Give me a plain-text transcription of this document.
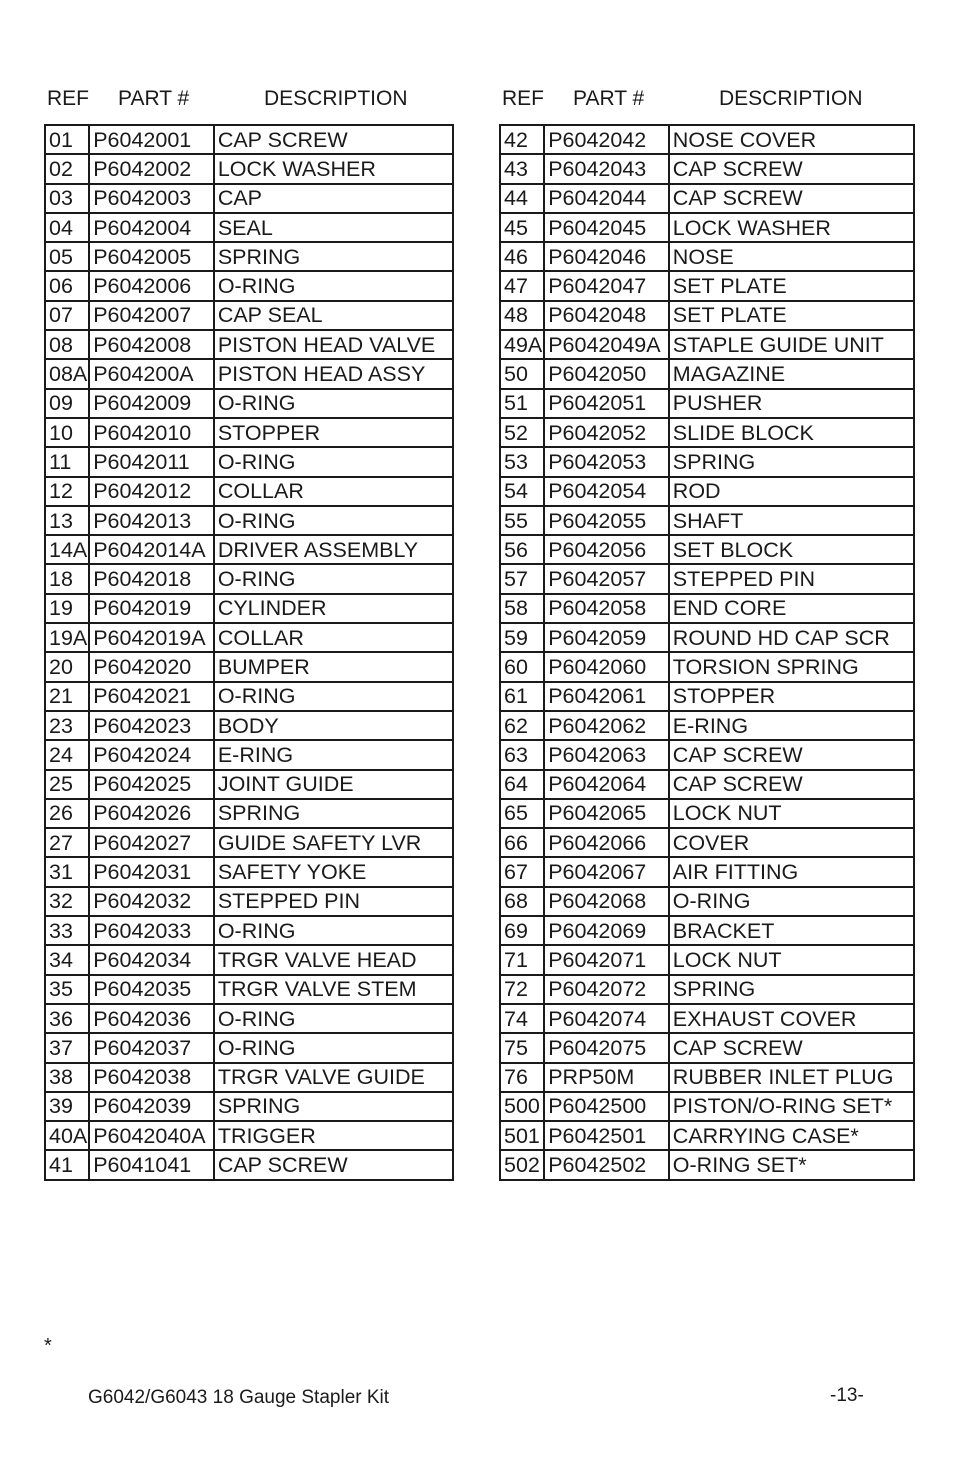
REF PART #	DESCRIPTION	REF PART #	DESCRIPTION
01	P6042001	CAP SCREW
02	P6042002	LOCK WASHER
03	P6042003	CAP
04	P6042004	SEAL
05	P6042005	SPRING
06	P6042006	O-RING
07	P6042007	CAP SEAL
08	P6042008	PISTON HEAD VALVE
08A	P604200A	PISTON HEAD ASSY
09	P6042009	O-RING
10	P6042010	STOPPER
11	P6042011	O-RING
12	P6042012	COLLAR
13	P6042013	O-RING
14A	P6042014A	DRIVER ASSEMBLY
18	P6042018	O-RING
19	P6042019	CYLINDER
19A	P6042019A	COLLAR
20	P6042020	BUMPER
21	P6042021	O-RING
23	P6042023	BODY
24	P6042024	E-RING
25	P6042025	JOINT GUIDE
26	P6042026	SPRING
27	P6042027	GUIDE SAFETY LVR
31	P6042031	SAFETY YOKE
32	P6042032	STEPPED PIN
33	P6042033	O-RING
34	P6042034	TRGR VALVE HEAD
35	P6042035	TRGR VALVE STEM
36	P6042036	O-RING
37	P6042037	O-RING
38	P6042038	TRGR VALVE GUIDE
39	P6042039	SPRING
40A	P6042040A	TRIGGER
41	P6041041	CAP SCREW
42	P6042042	NOSE COVER
43	P6042043	CAP SCREW
44	P6042044	CAP SCREW
45	P6042045	LOCK WASHER
46	P6042046	NOSE
47	P6042047	SET PLATE
48	P6042048	SET PLATE
49A	P6042049A	STAPLE GUIDE UNIT
50	P6042050	MAGAZINE
51	P6042051	PUSHER
52	P6042052	SLIDE BLOCK
53	P6042053	SPRING
54	P6042054	ROD
55	P6042055	SHAFT
56	P6042056	SET BLOCK
57	P6042057	STEPPED PIN
58	P6042058	END CORE
59	P6042059	ROUND HD CAP SCR
60	P6042060	TORSION SPRING
61	P6042061	STOPPER
62	P6042062	E-RING
63	P6042063	CAP SCREW
64	P6042064	CAP SCREW
65	P6042065	LOCK NUT
66	P6042066	COVER
67	P6042067	AIR FITTING
68	P6042068	O-RING
69	P6042069	BRACKET
71	P6042071	LOCK NUT
72	P6042072	SPRING
74	P6042074	EXHAUST COVER
75	P6042075	CAP SCREW
76	PRP50M	RUBBER INLET PLUG
500	P6042500	PISTON/O-RING SET*
501	P6042501	CARRYING CASE*
502	P6042502	O-RING SET*
*
G6042/G6043 18 Gauge Stapler Kit	-13-
